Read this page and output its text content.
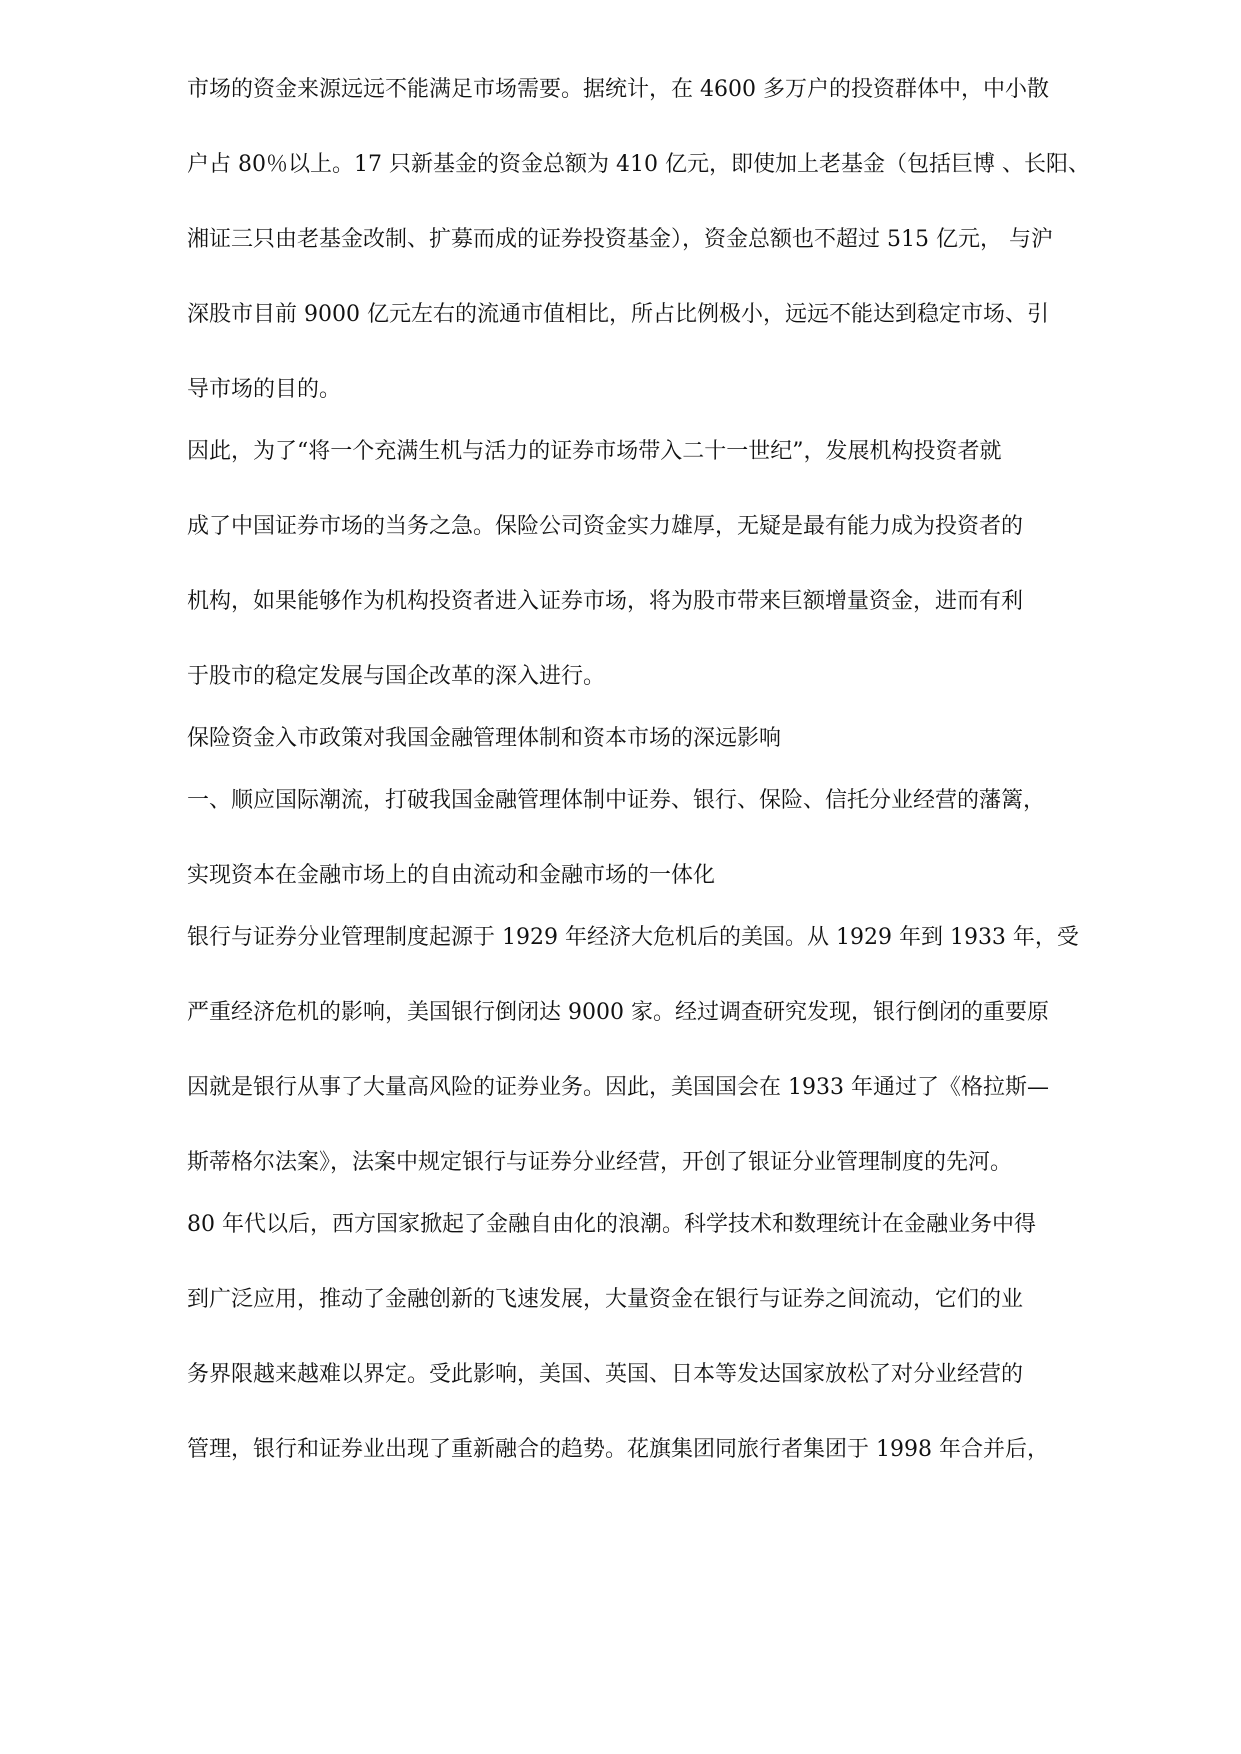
市场的资金来源远远不能满足市场需要。据统计，在 4600 多万户的投资群体中，中小散
户占 80％以上。17 只新基金的资金总额为 410 亿元，即使加上老基金（包括巨博 、长阳、
湘证三只由老基金改制、扩募而成的证券投资基金），资金总额也不超过 515 亿元， 与沪
深股市目前 9000 亿元左右的流通市值相比，所占比例极小，远远不能达到稳定市场、引
导市场的目的。
因此，为了“将一个充满生机与活力的证券市场带入二十一世纪”，发展机构投资者就
成了中国证券市场的当务之急。保险公司资金实力雄厚，无疑是最有能力成为投资者的
机构，如果能够作为机构投资者进入证券市场，将为股市带来巨额增量资金，进而有利
于股市的稳定发展与国企改革的深入进行。
保险资金入市政策对我国金融管理体制和资本市场的深远影响
一、顺应国际潮流，打破我国金融管理体制中证券、银行、保险、信托分业经营的藩篱，
实现资本在金融市场上的自由流动和金融市场的一体化
银行与证券分业管理制度起源于 1929 年经济大危机后的美国。从 1929 年到 1933 年，受
严重经济危机的影响，美国银行倒闭达 9000 家。经过调查研究发现，银行倒闭的重要原
因就是银行从事了大量高风险的证券业务。因此，美国国会在 1933 年通过了《格拉斯—
斯蒂格尔法案》，法案中规定银行与证券分业经营，开创了银证分业管理制度的先河。
80 年代以后，西方国家掀起了金融自由化的浪潮。科学技术和数理统计在金融业务中得
到广泛应用，推动了金融创新的飞速发展，大量资金在银行与证券之间流动，它们的业
务界限越来越难以界定。受此影响，美国、英国、日本等发达国家放松了对分业经营的
管理，银行和证券业出现了重新融合的趋势。花旗集团同旅行者集团于 1998 年合并后，
